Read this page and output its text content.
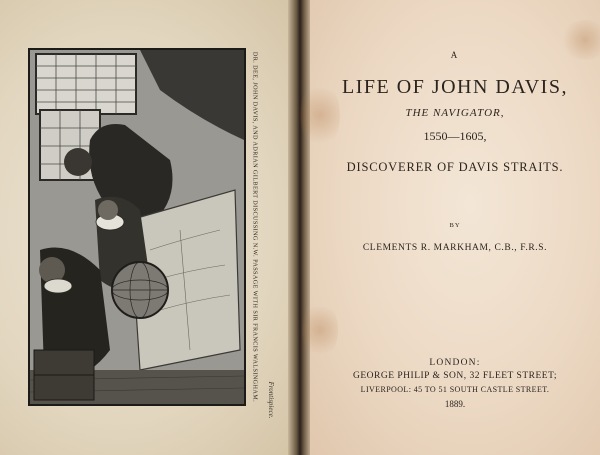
DR. DEE, JOHN DAVIS, AND ADRIAN GILBERT DISCUSSING N.W. PASSAGE WITH SIR FRANCIS WALSINGHAM. Frontispiece.
A
LIFE OF JOHN DAVIS,
THE NAVIGATOR,
1550—1605,
DISCOVERER OF DAVIS STRAITS.
BY
CLEMENTS R. MARKHAM, C.B., F.R.S.
LONDON:
GEORGE PHILIP & SON, 32 FLEET STREET;
LIVERPOOL: 45 TO 51 SOUTH CASTLE STREET.
1889.
